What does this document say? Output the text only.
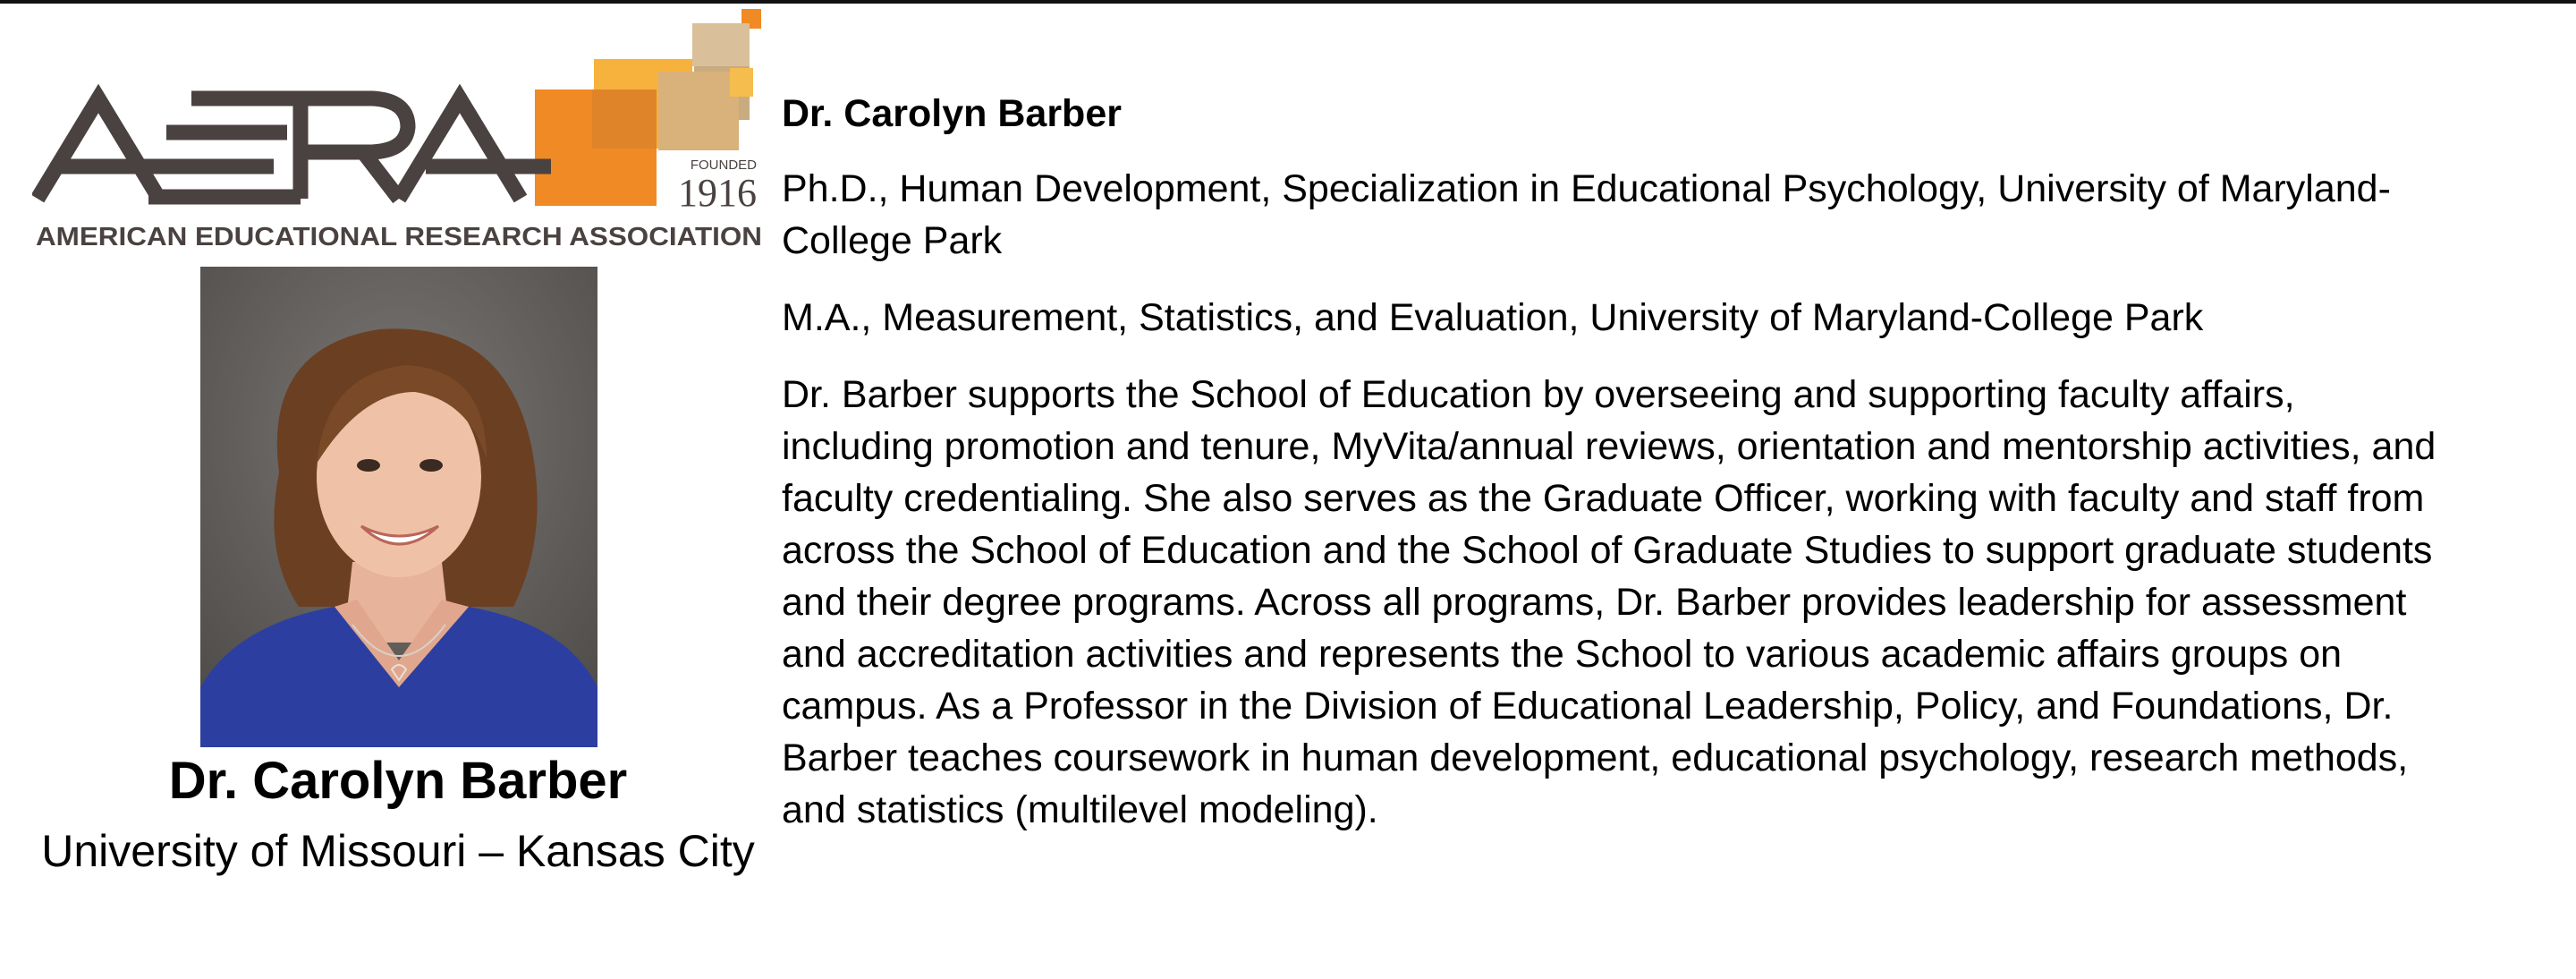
FOUNDED
1916
AMERICAN EDUCATIONAL RESEARCH ASSOCIATION
Dr. Carolyn Barber
University of Missouri – Kansas City

Dr. Carolyn Barber

Ph.D., Human Development, Specialization in Educational Psychology, University of Maryland-College Park

M.A., Measurement, Statistics, and Evaluation, University of Maryland-College Park

Dr. Barber supports the School of Education by overseeing and supporting faculty affairs, including promotion and tenure, MyVita/annual reviews, orientation and mentorship activities, and faculty credentialing. She also serves as the Graduate Officer, working with faculty and staff from across the School of Education and the School of Graduate Studies to support graduate students and their degree programs. Across all programs, Dr. Barber provides leadership for assessment and accreditation activities and represents the School to various academic affairs groups on campus. As a Professor in the Division of Educational Leadership, Policy, and Foundations, Dr. Barber teaches coursework in human development, educational psychology, research methods, and statistics (multilevel modeling).
